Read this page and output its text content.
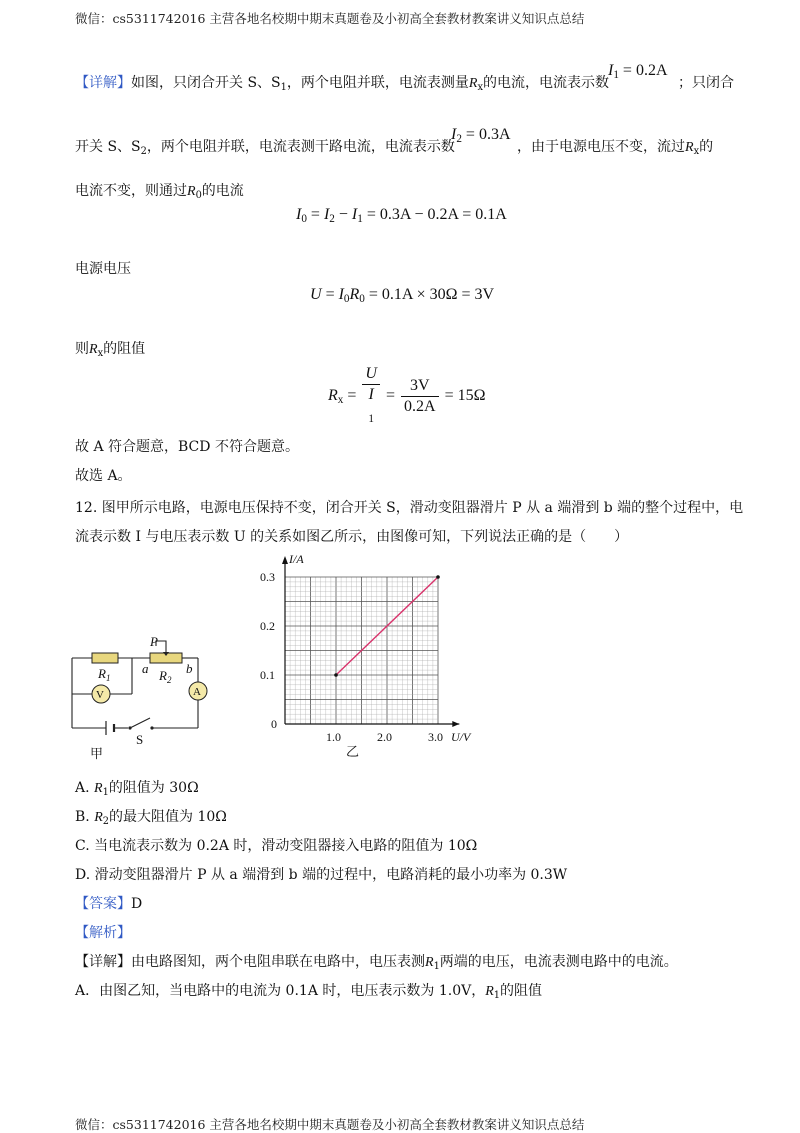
微信：cs5311742016 主营各地名校期中期末真题卷及小初高全套教材教案讲义知识点总结
微信：cs5311742016 主营各地名校期中期末真题卷及小初高全套教材教案讲义知识点总结
【详解】如图，只闭合开关 S、$S_1$，两个电阻并联，电流表测量$R_x$的电流，电流表示数
$I_1 = 0.2A$
；只闭合
开关 S、$S_2$，两个电阻并联，电流表测干路电流，电流表示数
$I_2 = 0.3A$
，由于电源电压不变，流过$R_x$的
电流不变，则通过$R_0$的电流
$I_0 = I_2 - I_1 = 0.3A - 0.2A = 0.1A$
电源电压
$U = I_0R_0 = 0.1A \times 30\Omega = 3V$
则$R_x$的阻值
$R_x = U$
I
$_1 = \frac{3V}{0.2A} = 15\Omega$
故 A 符合题意，BCD 不符合题意。
故选 A。
12. 图甲所示电路，电源电压保持不变，闭合开关 S，滑动变阻器滑片 P 从 a 端滑到 b 端的整个过程中，电
流表示数 I 与电压表示数 U 的关系如图乙所示，由图像可知，下列说法正确的是（　　）
$R_1$	$R_2$
P
a	b
V	A
S
甲
1.0	2.0	3.0
0.1
0.2
0.3
0
U/V
I/A
乙
A. $R_1$的阻值为 30Ω
B. $R_2$的最大阻值为 10Ω
C. 当电流表示数为 0.2A 时，滑动变阻器接入电路的阻值为 10Ω
D. 滑动变阻器滑片 P 从 a 端滑到 b 端的过程中，电路消耗的最小功率为 0.3W
【答案】D
【解析】
【详解】由电路图知，两个电阻串联在电路中，电压表测$R_1$两端的电压，电流表测电路中的电流。
A．由图乙知，当电路中的电流为 0.1A 时，电压表示数为 1.0V，$R_1$的阻值
